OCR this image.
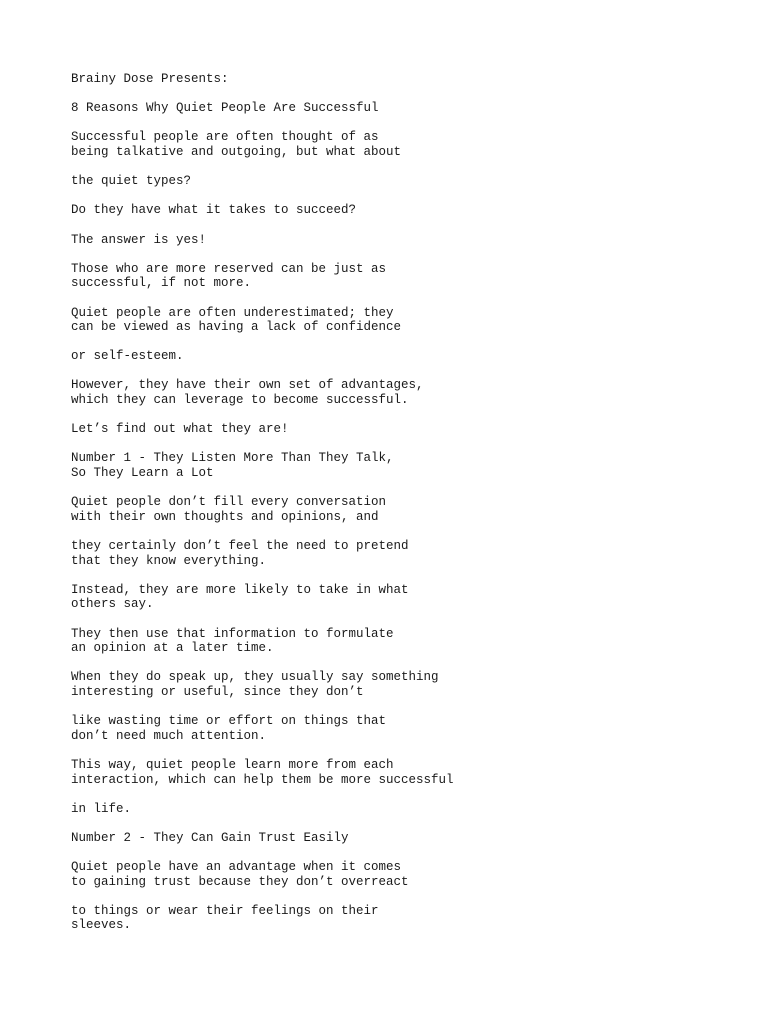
Brainy Dose Presents:
8 Reasons Why Quiet People Are Successful
Successful people are often thought of as
being talkative and outgoing, but what about
the quiet types?
Do they have what it takes to succeed?
The answer is yes!
Those who are more reserved can be just as
successful, if not more.
Quiet people are often underestimated; they
can be viewed as having a lack of confidence
or self-esteem.
However, they have their own set of advantages,
which they can leverage to become successful.
Let’s find out what they are!
Number 1 - They Listen More Than They Talk,
So They Learn a Lot
Quiet people don’t fill every conversation
with their own thoughts and opinions, and
they certainly don’t feel the need to pretend
that they know everything.
Instead, they are more likely to take in what
others say.
They then use that information to formulate
an opinion at a later time.
When they do speak up, they usually say something
interesting or useful, since they don’t
like wasting time or effort on things that
don’t need much attention.
This way, quiet people learn more from each
interaction, which can help them be more successful
in life.
Number 2 - They Can Gain Trust Easily
Quiet people have an advantage when it comes
to gaining trust because they don’t overreact
to things or wear their feelings on their
sleeves.
